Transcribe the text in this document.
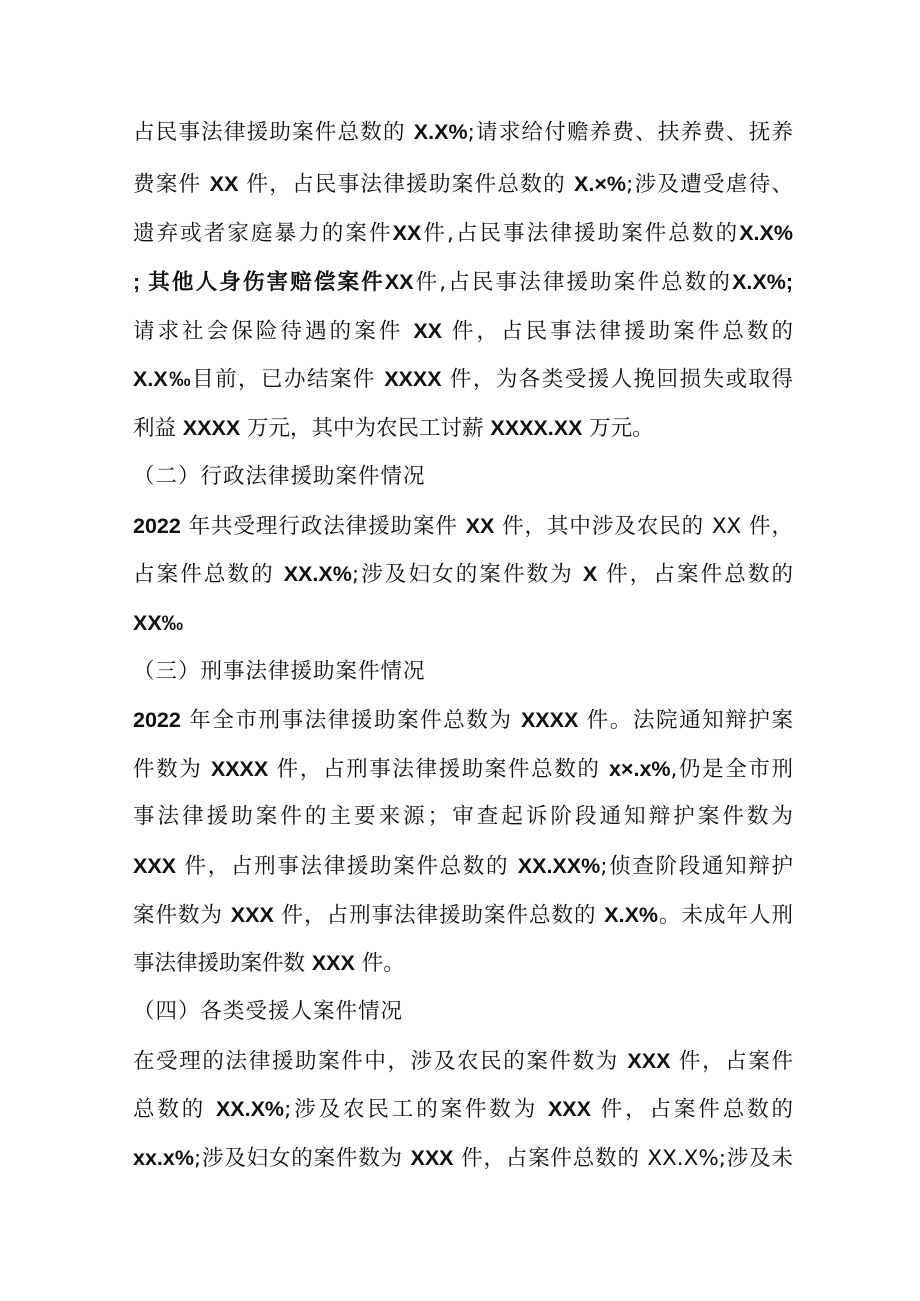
占民事法律援助案件总数的 X.X%;请求给付赡养费、扶养费、抚养
费案件 XX 件，占民事法律援助案件总数的 X.×%;涉及遭受虐待、
遗弃或者家庭暴力的案件XX件,占民事法律援助案件总数的X.X%
; 其他人身伤害赔偿案件XX件,占民事法律援助案件总数的X.X%;
请求社会保险待遇的案件 XX 件，占民事法律援助案件总数的
X.X‰目前，已办结案件 XXXX 件，为各类受援人挽回损失或取得
利益 XXXX 万元，其中为农民工讨薪 XXXX.XX 万元。
（二）行政法律援助案件情况
2022 年共受理行政法律援助案件 XX 件，其中涉及农民的 XX 件，
占案件总数的 XX.X%;涉及妇女的案件数为 X 件，占案件总数的
XX‰
（三）刑事法律援助案件情况
2022 年全市刑事法律援助案件总数为 XXXX 件。法院通知辩护案
件数为 XXXX 件，占刑事法律援助案件总数的 x×.x%,仍是全市刑
事法律援助案件的主要来源；审查起诉阶段通知辩护案件数为
XXX 件，占刑事法律援助案件总数的 XX.XX%;侦查阶段通知辩护
案件数为 XXX 件，占刑事法律援助案件总数的 X.X%。未成年人刑
事法律援助案件数 XXX 件。
（四）各类受援人案件情况
在受理的法律援助案件中，涉及农民的案件数为 XXX 件，占案件
总数的 XX.X%;涉及农民工的案件数为 XXX 件，占案件总数的
xx.x%;涉及妇女的案件数为 XXX 件，占案件总数的 XX.X%;涉及未
